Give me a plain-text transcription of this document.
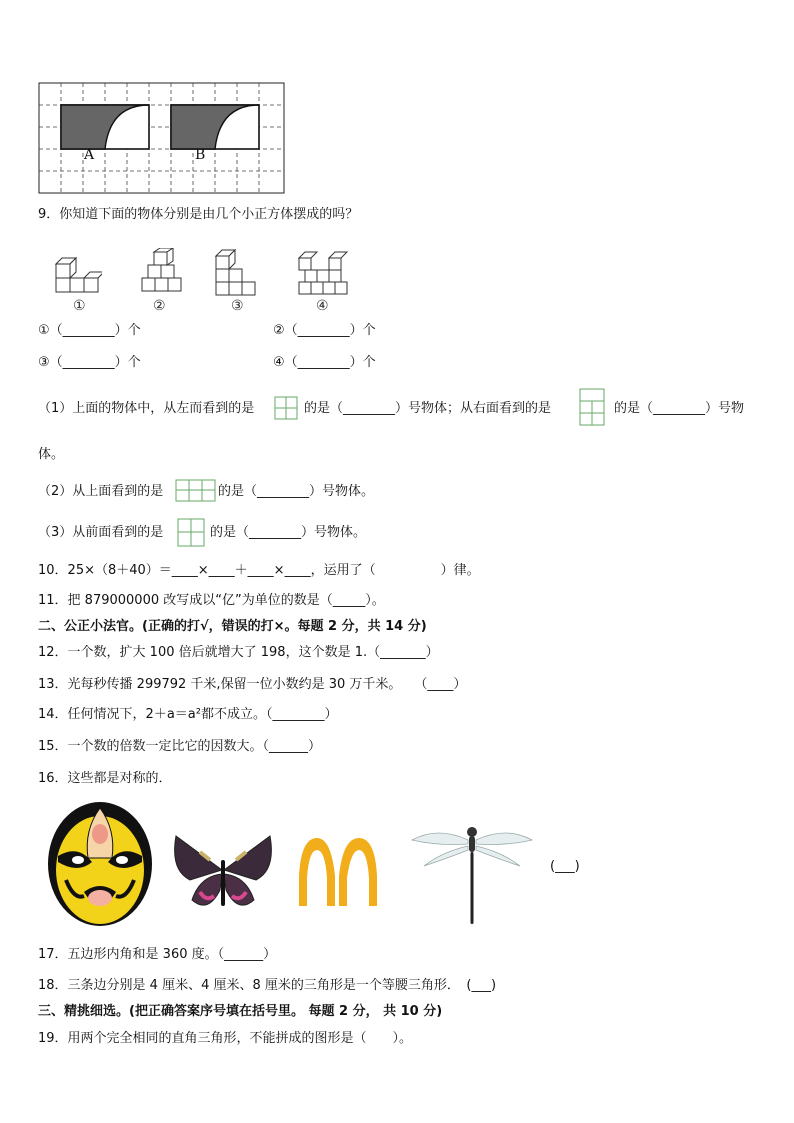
A	B
9．你知道下面的物体分别是由几个小正方体摆成的吗？
①	②	③	④
①（________）个	②（________）个
③（________）个	④（________）个
（1）上面的物体中，从左而看到的是	的是（________）号物体；从右面看到的是	的是（________）号物
体。
（2）从上面看到的是	的是（________）号物体。
（3）从前面看到的是	的是（________）号物体。
10．25×（8＋40）＝____×____＋____×____，运用了（　　　　　）律。
11．把 879000000 改写成以“亿”为单位的数是（_____）。
二、公正小法官。(正确的打√，错误的打×。每题 2 分，共 14 分)
12．一个数，扩大 100 倍后就增大了 198，这个数是 1.（_______）
13．光每秒传播 299792 千米,保留一位小数约是 30 万千米。　　（____）
14．任何情况下，2＋a＝a²都不成立。（________）
15．一个数的倍数一定比它的因数大。（______）
16．这些都是对称的．
(___)
17．五边形内角和是 360 度。（______）
18．三条边分别是 4 厘米、4 厘米、8 厘米的三角形是一个等腰三角形．　(___)
三、精挑细选。(把正确答案序号填在括号里。 每题 2 分， 共 10 分)
19．用两个完全相同的直角三角形，不能拼成的图形是（　　）。
